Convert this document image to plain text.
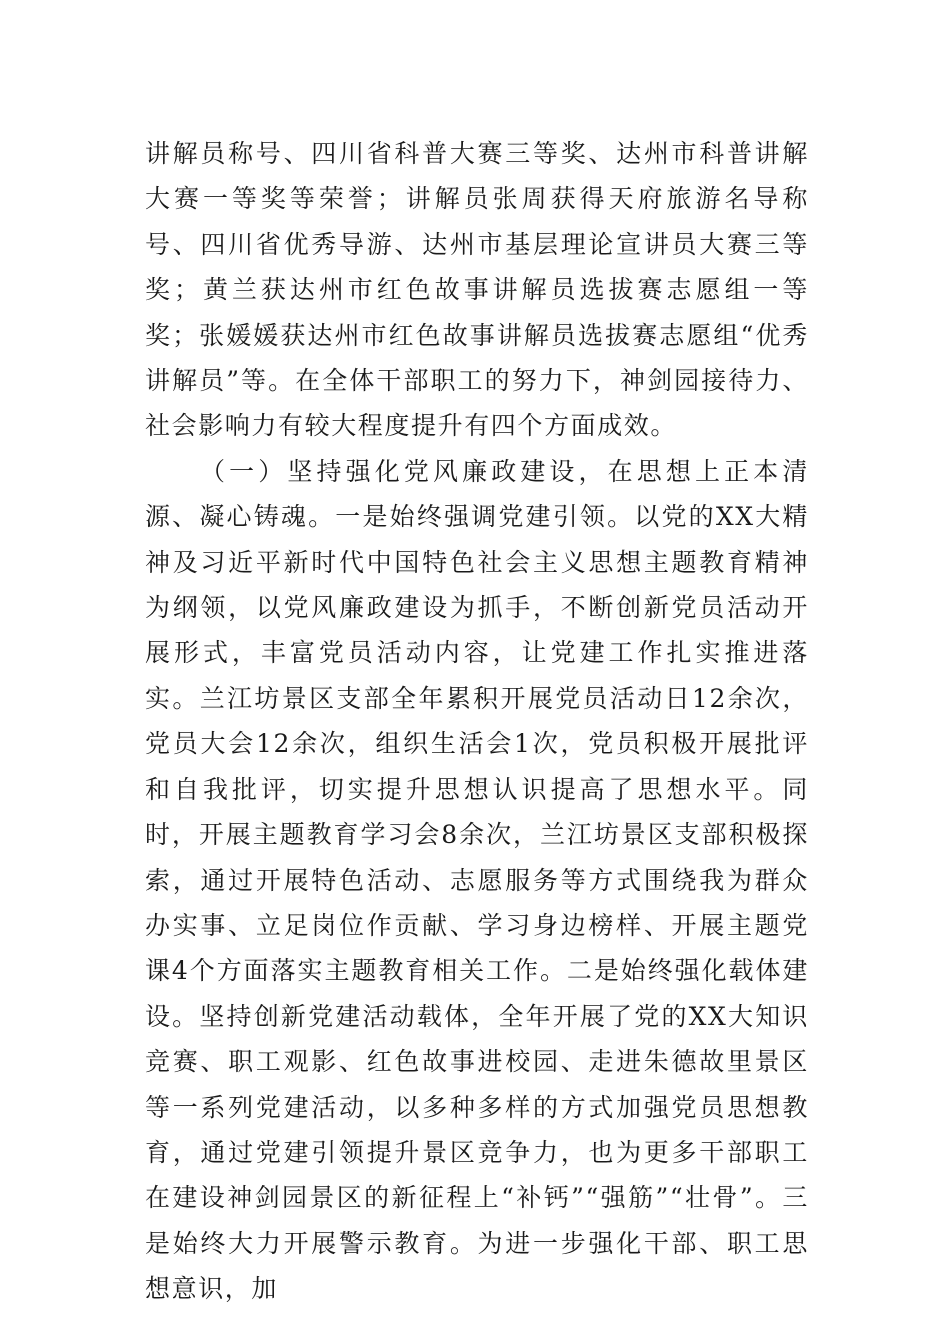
讲解员称号、四川省科普大赛三等奖、达州市科普讲解大赛一等奖等荣誉；讲解员张周获得天府旅游名导称号、四川省优秀导游、达州市基层理论宣讲员大赛三等奖；黄兰获达州市红色故事讲解员选拔赛志愿组一等奖；张媛媛获达州市红色故事讲解员选拔赛志愿组“优秀讲解员”等。在全体干部职工的努力下，神剑园接待力、社会影响力有较大程度提升有四个方面成效。

（一）坚持强化党风廉政建设，在思想上正本清源、凝心铸魂。一是始终强调党建引领。以党的XX大精神及习近平新时代中国特色社会主义思想主题教育精神为纲领，以党风廉政建设为抓手，不断创新党员活动开展形式，丰富党员活动内容，让党建工作扎实推进落实。兰江坊景区支部全年累积开展党员活动日12余次，党员大会12余次，组织生活会1次，党员积极开展批评和自我批评，切实提升思想认识提高了思想水平。同时，开展主题教育学习会8余次，兰江坊景区支部积极探索，通过开展特色活动、志愿服务等方式围绕我为群众办实事、立足岗位作贡献、学习身边榜样、开展主题党课4个方面落实主题教育相关工作。二是始终强化载体建设。坚持创新党建活动载体，全年开展了党的XX大知识竞赛、职工观影、红色故事进校园、走进朱德故里景区等一系列党建活动，以多种多样的方式加强党员思想教育，通过党建引领提升景区竞争力，也为更多干部职工在建设神剑园景区的新征程上“补钙”“强筋”“壮骨”。三是始终大力开展警示教育。为进一步强化干部、职工思想意识，加
